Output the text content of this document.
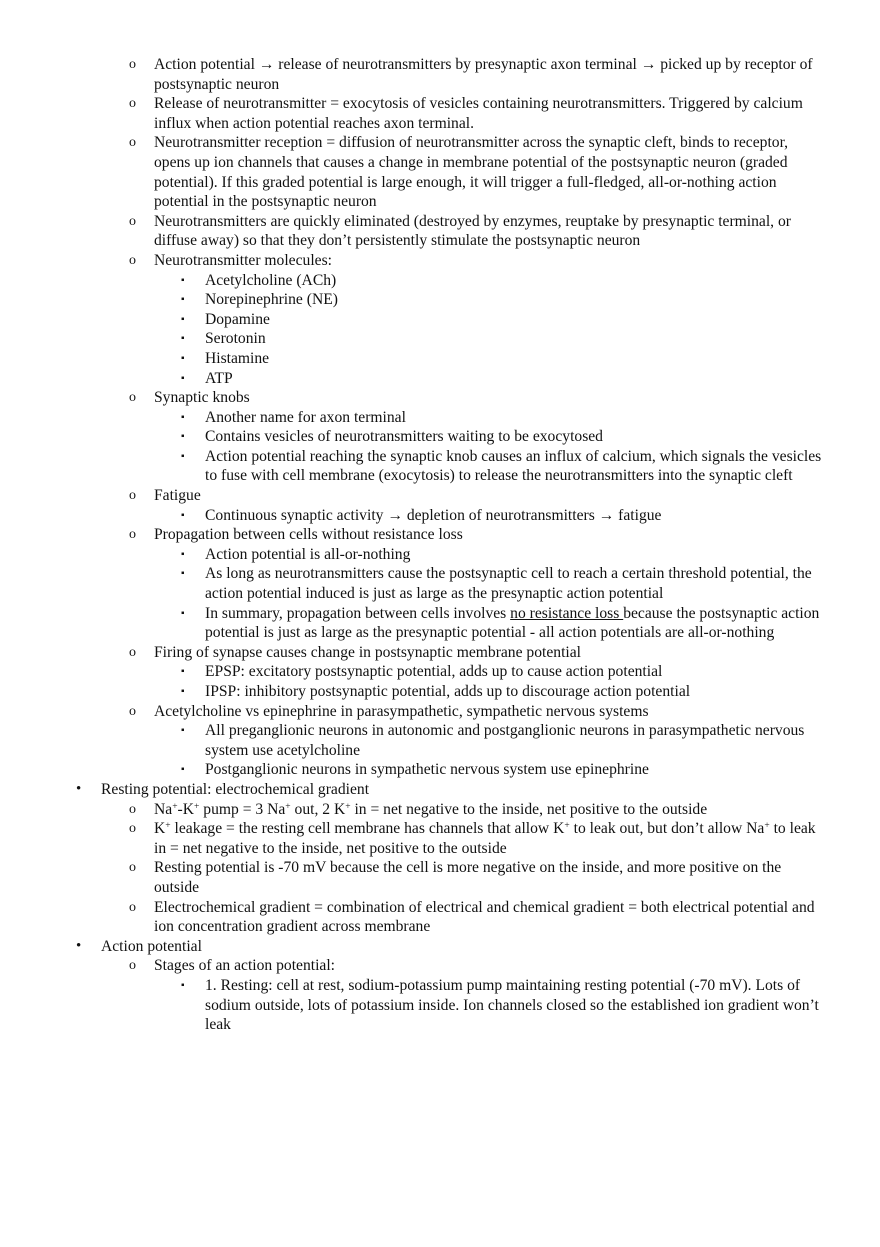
o Action potential → release of neurotransmitters by presynaptic axon terminal → picked up by receptor of postsynaptic neuron
o Release of neurotransmitter = exocytosis of vesicles containing neurotransmitters. Triggered by calcium influx when action potential reaches axon terminal.
o Neurotransmitter reception = diffusion of neurotransmitter across the synaptic cleft, binds to receptor, opens up ion channels that causes a change in membrane potential of the postsynaptic neuron (graded potential). If this graded potential is large enough, it will trigger a full-fledged, all-or-nothing action potential in the postsynaptic neuron
o Neurotransmitters are quickly eliminated (destroyed by enzymes, reuptake by presynaptic terminal, or diffuse away) so that they don’t persistently stimulate the postsynaptic neuron
o Neurotransmitter molecules:
▪ Acetylcholine (ACh)
▪ Norepinephrine (NE)
▪ Dopamine
▪ Serotonin
▪ Histamine
▪ ATP
o Synaptic knobs
▪ Another name for axon terminal
▪ Contains vesicles of neurotransmitters waiting to be exocytosed
▪ Action potential reaching the synaptic knob causes an influx of calcium, which signals the vesicles to fuse with cell membrane (exocytosis) to release the neurotransmitters into the synaptic cleft
o Fatigue
▪ Continuous synaptic activity → depletion of neurotransmitters → fatigue
o Propagation between cells without resistance loss
▪ Action potential is all-or-nothing
▪ As long as neurotransmitters cause the postsynaptic cell to reach a certain threshold potential, the action potential induced is just as large as the presynaptic action potential
▪ In summary, propagation between cells involves no resistance loss because the postsynaptic action potential is just as large as the presynaptic potential - all action potentials are all-or-nothing
o Firing of synapse causes change in postsynaptic membrane potential
▪ EPSP: excitatory postsynaptic potential, adds up to cause action potential
▪ IPSP: inhibitory postsynaptic potential, adds up to discourage action potential
o Acetylcholine vs epinephrine in parasympathetic, sympathetic nervous systems
▪ All preganglionic neurons in autonomic and postganglionic neurons in parasympathetic nervous system use acetylcholine
▪ Postganglionic neurons in sympathetic nervous system use epinephrine
• Resting potential: electrochemical gradient
o Na+-K+ pump = 3 Na+ out, 2 K+ in = net negative to the inside, net positive to the outside
o K+ leakage = the resting cell membrane has channels that allow K+ to leak out, but don’t allow Na+ to leak in = net negative to the inside, net positive to the outside
o Resting potential is -70 mV because the cell is more negative on the inside, and more positive on the outside
o Electrochemical gradient = combination of electrical and chemical gradient = both electrical potential and ion concentration gradient across membrane
• Action potential
o Stages of an action potential:
▪ 1. Resting: cell at rest, sodium-potassium pump maintaining resting potential (-70 mV). Lots of sodium outside, lots of potassium inside. Ion channels closed so the established ion gradient won’t leak
